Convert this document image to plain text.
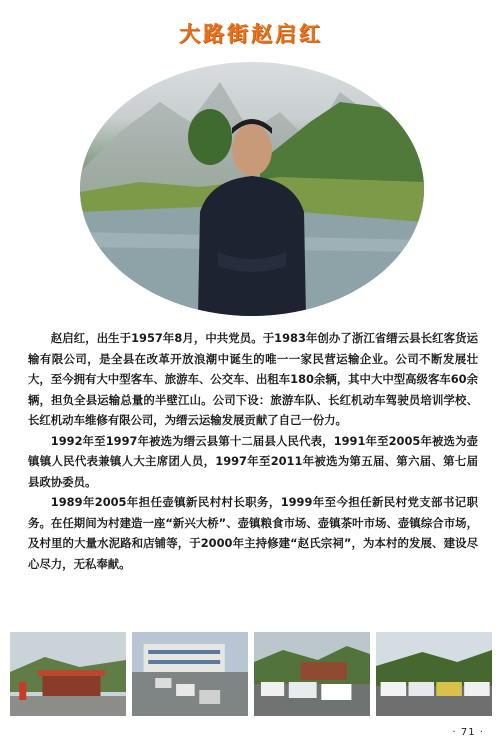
大路街赵启红

赵启红，出生于1957年8月，中共党员。于1983年创办了浙江省缙云县长红客货运输有限公司，是全县在改革开放浪潮中诞生的唯一一家民营运输企业。公司不断发展壮大，至今拥有大中型客车、旅游车、公交车、出租车180余辆，其中大中型高级客车60余辆，担负全县运输总量的半壁江山。公司下设：旅游车队、长红机动车驾驶员培训学校、长红机动车维修有限公司，为缙云运输发展贡献了自己一份力。

1992年至1997年被选为缙云县第十二届县人民代表，1991年至2005年被选为壶镇镇人民代表兼镇人大主席团人员，1997年至2011年被选为第五届、第六届、第七届县政协委员。

1989年2005年担任壶镇新民村村长职务，1999年至今担任新民村党支部书记职务。在任期间为村建造一座“新兴大桥”、壶镇粮食市场、壶镇茶叶市场、壶镇综合市场，及村里的大量水泥路和店铺等，于2000年主持修建“赵氏宗祠”，为本村的发展、建设尽心尽力，无私奉献。

· 71 ·
